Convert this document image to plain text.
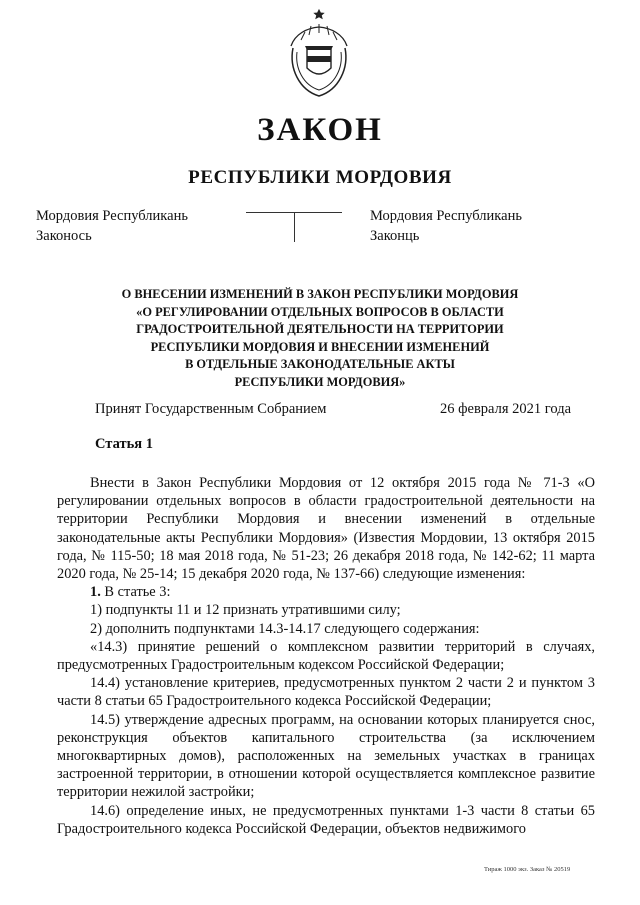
ЗАКОН
РЕСПУБЛИКИ МОРДОВИЯ
Мордовия Республикань
Законось
Мордовия Республикань
Законць
О ВНЕСЕНИИ ИЗМЕНЕНИЙ В ЗАКОН РЕСПУБЛИКИ МОРДОВИЯ
«О РЕГУЛИРОВАНИИ ОТДЕЛЬНЫХ ВОПРОСОВ В ОБЛАСТИ
ГРАДОСТРОИТЕЛЬНОЙ ДЕЯТЕЛЬНОСТИ НА ТЕРРИТОРИИ
РЕСПУБЛИКИ МОРДОВИЯ И ВНЕСЕНИИ ИЗМЕНЕНИЙ
В ОТДЕЛЬНЫЕ ЗАКОНОДАТЕЛЬНЫЕ АКТЫ
РЕСПУБЛИКИ МОРДОВИЯ»
Принят Государственным Собранием	26 февраля 2021 года
Статья 1

Внести в Закон Республики Мордовия от 12 октября 2015 года № 71-З «О регулировании отдельных вопросов в области градостроительной деятельности на территории Республики Мордовия и внесении изменений в отдельные законодательные акты Республики Мордовия» (Известия Мордовии, 13 октября 2015 года, № 115-50; 18 мая 2018 года, № 51-23; 26 декабря 2018 года, № 142-62; 11 марта 2020 года, № 25-14; 15 декабря 2020 года, № 137-66) следующие изменения:

1. В статье 3:

1) подпункты 11 и 12 признать утратившими силу;

2) дополнить подпунктами 14.3-14.17 следующего содержания:

«14.3) принятие решений о комплексном развитии территорий в случаях, предусмотренных Градостроительным кодексом Российской Федерации;

14.4) установление критериев, предусмотренных пунктом 2 части 2 и пунктом 3 части 8 статьи 65 Градостроительного кодекса Российской Федерации;

14.5) утверждение адресных программ, на основании которых планируется снос, реконструкция объектов капитального строительства (за исключением многоквартирных домов), расположенных на земельных участках в границах застроенной территории, в отношении которой осуществляется комплексное развитие территории нежилой застройки;

14.6) определение иных, не предусмотренных пунктами 1-3 части 8 статьи 65 Градостроительного кодекса Российской Федерации, объектов недвижимого

Тираж 1000 экз. Заказ № 20519
